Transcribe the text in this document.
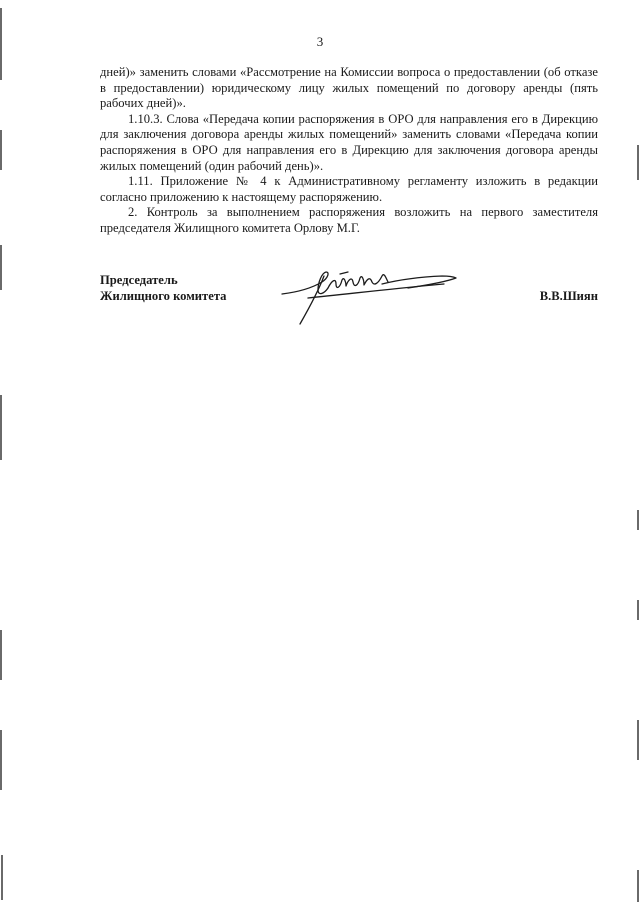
3

дней)» заменить словами «Рассмотрение на Комиссии вопроса о предоставлении (об отказе в предоставлении) юридическому лицу жилых помещений по договору аренды (пять рабочих дней)».

1.10.3. Слова «Передача копии распоряжения в ОРО для направления его в Дирекцию для заключения договора аренды жилых помещений» заменить словами «Передача копии распоряжения в ОРО для направления его в Дирекцию для заключения договора аренды жилых помещений (один рабочий день)».

1.11. Приложение № 4 к Административному регламенту изложить в редакции согласно приложению к настоящему распоряжению.

2. Контроль за выполнением распоряжения возложить на первого заместителя председателя Жилищного комитета Орлову М.Г.

Председатель
Жилищного комитета	В.В.Шиян
